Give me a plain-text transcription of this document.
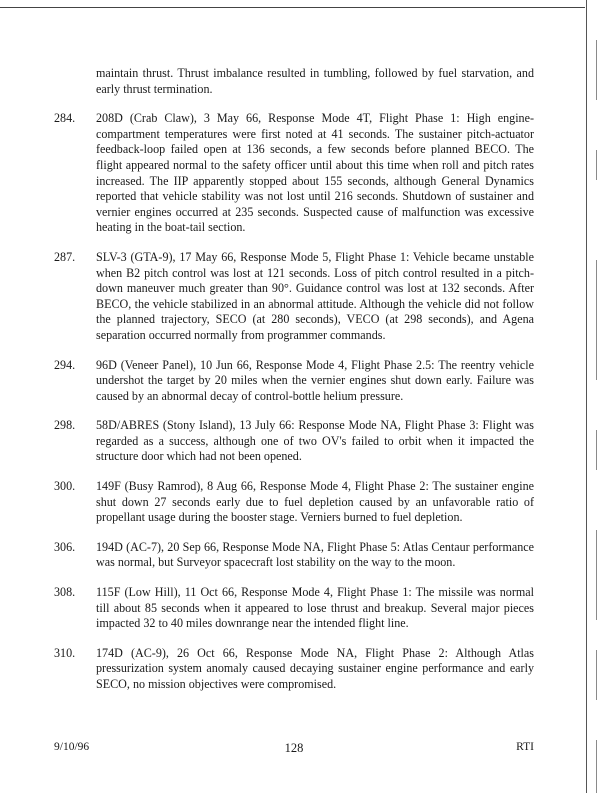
maintain thrust. Thrust imbalance resulted in tumbling, followed by fuel starvation, and early thrust termination.

284.	208D (Crab Claw), 3 May 66, Response Mode 4T, Flight Phase 1: High engine-compartment temperatures were first noted at 41 seconds. The sustainer pitch-actuator feedback-loop failed open at 136 seconds, a few seconds before planned BECO. The flight appeared normal to the safety officer until about this time when roll and pitch rates increased. The IIP apparently stopped about 155 seconds, although General Dynamics reported that vehicle stability was not lost until 216 seconds. Shutdown of sustainer and vernier engines occurred at 235 seconds. Suspected cause of malfunction was excessive heating in the boat-tail section.
287.	SLV-3 (GTA-9), 17 May 66, Response Mode 5, Flight Phase 1: Vehicle became unstable when B2 pitch control was lost at 121 seconds. Loss of pitch control resulted in a pitch-down maneuver much greater than 90°. Guidance control was lost at 132 seconds. After BECO, the vehicle stabilized in an abnormal attitude. Although the vehicle did not follow the planned trajectory, SECO (at 280 seconds), VECO (at 298 seconds), and Agena separation occurred normally from programmer commands.
294.	96D (Veneer Panel), 10 Jun 66, Response Mode 4, Flight Phase 2.5: The reentry vehicle undershot the target by 20 miles when the vernier engines shut down early. Failure was caused by an abnormal decay of control-bottle helium pressure.
298.	58D/ABRES (Stony Island), 13 July 66: Response Mode NA, Flight Phase 3: Flight was regarded as a success, although one of two OV's failed to orbit when it impacted the structure door which had not been opened.
300.	149F (Busy Ramrod), 8 Aug 66, Response Mode 4, Flight Phase 2: The sustainer engine shut down 27 seconds early due to fuel depletion caused by an unfavorable ratio of propellant usage during the booster stage. Verniers burned to fuel depletion.
306.	194D (AC-7), 20 Sep 66, Response Mode NA, Flight Phase 5: Atlas Centaur performance was normal, but Surveyor spacecraft lost stability on the way to the moon.
308.	115F (Low Hill), 11 Oct 66, Response Mode 4, Flight Phase 1: The missile was normal till about 85 seconds when it appeared to lose thrust and breakup. Several major pieces impacted 32 to 40 miles downrange near the intended flight line.
310.	174D (AC-9), 26 Oct 66, Response Mode NA, Flight Phase 2: Although Atlas pressurization system anomaly caused decaying sustainer engine performance and early SECO, no mission objectives were compromised.
9/10/96	128	RTI
